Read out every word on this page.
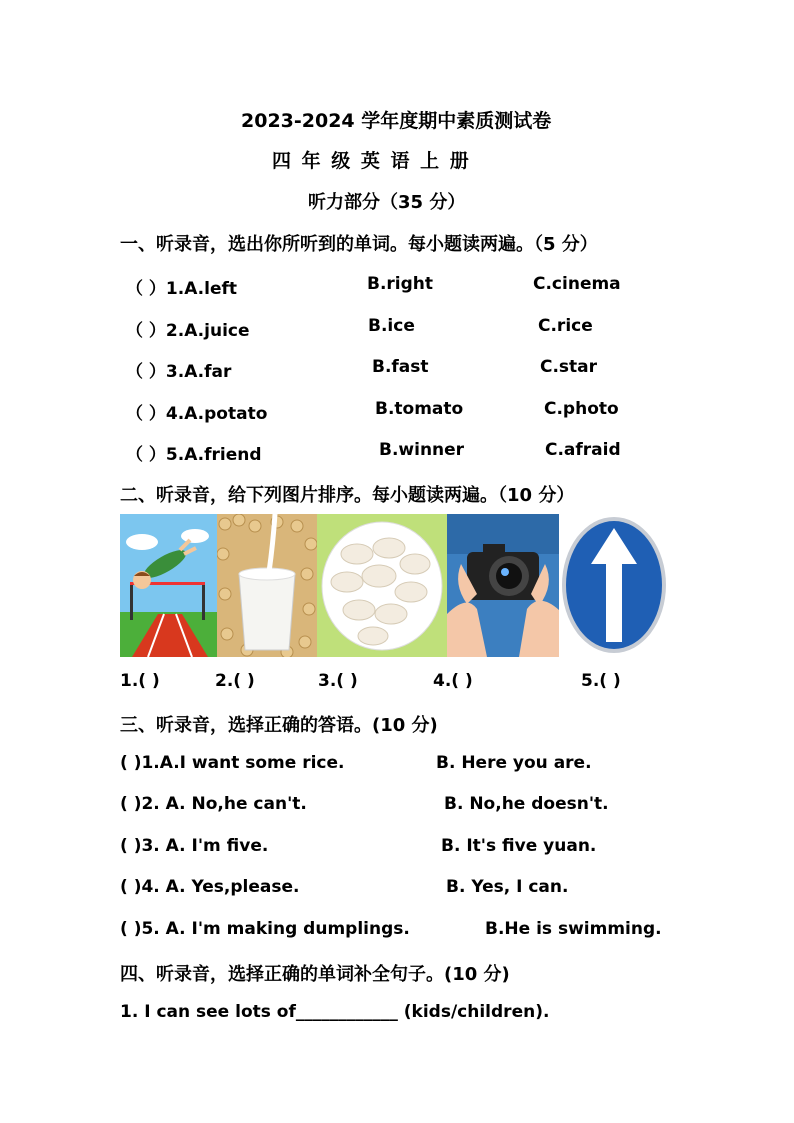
2023-2024 学年度期中素质测试卷
四 年 级 英 语 上 册
听力部分（35 分）
一、听录音，选出你所听到的单词。每小题读两遍。（5 分）
（ ）1.A.left	B.right	C.cinema
（ ）2.A.juice	B.ice	C.rice
（ ）3.A.far	B.fast	C.star
（ ）4.A.potato	B.tomato	C.photo
（ ）5.A.friend	B.winner	C.afraid
二、听录音，给下列图片排序。每小题读两遍。（10 分）
1.( )	2.( )	3.( )	4.( )	5.( )
三、听录音，选择正确的答语。(10 分)
( )1.A.I want some rice.	B. Here you are.
( )2. A. No,he can't.	B. No,he doesn't.
( )3. A. I'm five.	B. It's five yuan.
( )4. A. Yes,please.	B. Yes, I can.
( )5. A. I'm making dumplings.	B.He is swimming.
四、听录音，选择正确的单词补全句子。(10 分)
1. I can see lots of____________ (kids/children).
